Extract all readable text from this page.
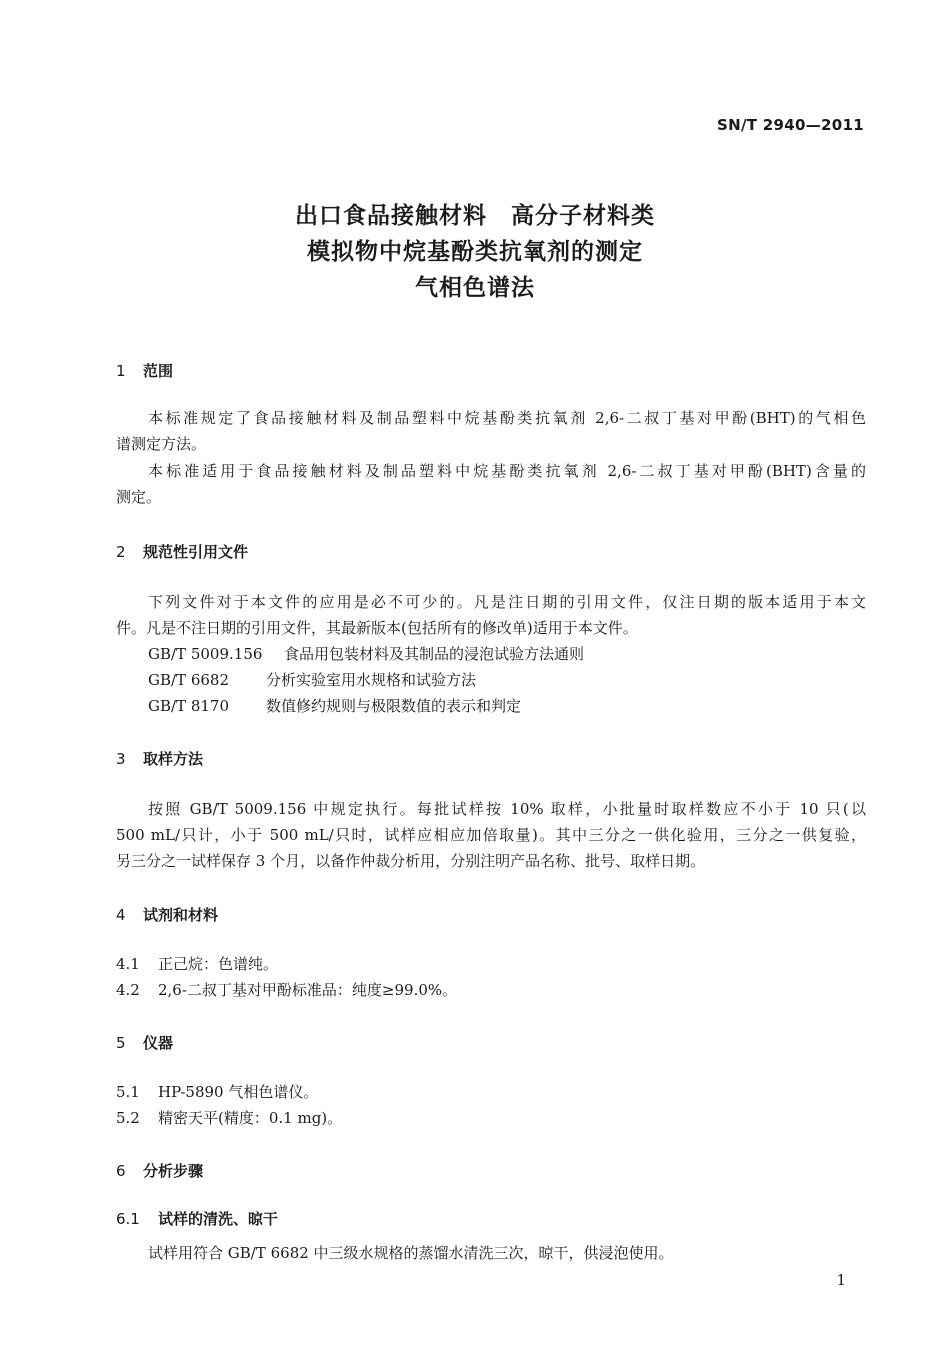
SN/T 2940—2011
出口食品接触材料　高分子材料类
模拟物中烷基酚类抗氧剂的测定
气相色谱法
1 范围
本标准规定了食品接触材料及制品塑料中烷基酚类抗氧剂 2,6-二叔丁基对甲酚(BHT)的气相色
谱测定方法。
本标准适用于食品接触材料及制品塑料中烷基酚类抗氧剂 2,6-二叔丁基对甲酚(BHT)含量的
测定。
2 规范性引用文件
下列文件对于本文件的应用是必不可少的。凡是注日期的引用文件，仅注日期的版本适用于本文
件。凡是不注日期的引用文件，其最新版本(包括所有的修改单)适用于本文件。
GB/T 5009.156 食品用包装材料及其制品的浸泡试验方法通则
GB/T 6682 分析实验室用水规格和试验方法
GB/T 8170 数值修约规则与极限数值的表示和判定
3 取样方法
按照 GB/T 5009.156 中规定执行。每批试样按 10% 取样，小批量时取样数应不小于 10 只(以
500 mL/只计，小于 500 mL/只时，试样应相应加倍取量)。其中三分之一供化验用，三分之一供复验，
另三分之一试样保存 3 个月，以备作仲裁分析用，分别注明产品名称、批号、取样日期。
4 试剂和材料
4.1 正己烷：色谱纯。
4.2 2,6-二叔丁基对甲酚标准品：纯度≥99.0%。
5 仪器
5.1 HP-5890 气相色谱仪。
5.2 精密天平(精度：0.1 mg)。
6 分析步骤
6.1 试样的清洗、晾干
试样用符合 GB/T 6682 中三级水规格的蒸馏水清洗三次，晾干，供浸泡使用。
1
